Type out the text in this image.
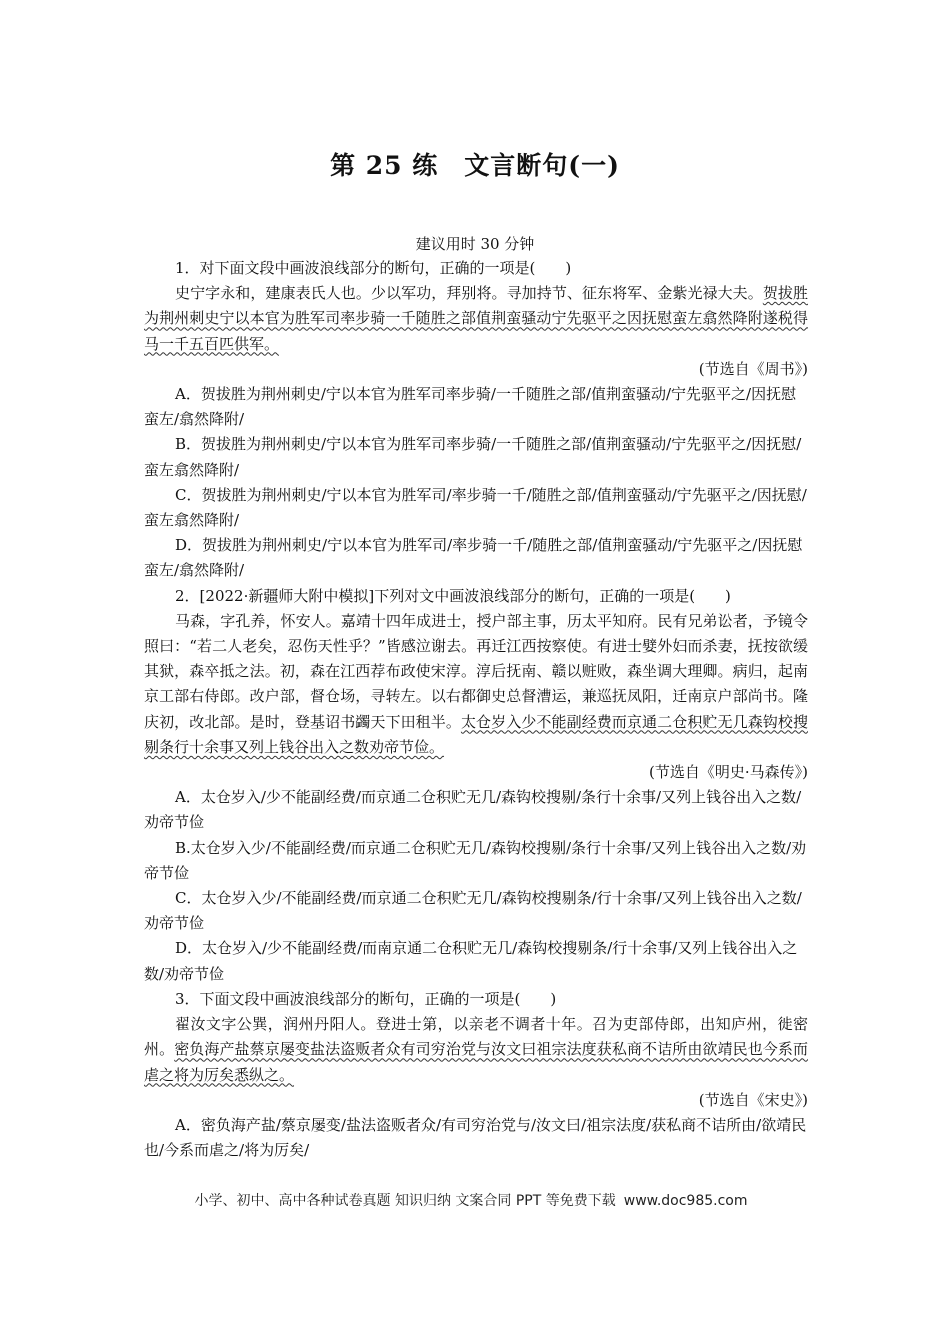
第 25 练　文言断句(一)
建议用时 30 分钟

1．对下面文段中画波浪线部分的断句，正确的一项是(　　)

史宁字永和，建康表氏人也。少以军功，拜别将。寻加持节、征东将军、金紫光禄大夫。贺拔胜为荆州刺史宁以本官为胜军司率步骑一千随胜之部值荆蛮骚动宁先驱平之因抚慰蛮左翕然降附遂税得马一千五百匹供军。

(节选自《周书》)

A．贺拔胜为荆州刺史/宁以本官为胜军司率步骑/一千随胜之部/值荆蛮骚动/宁先驱平之/因抚慰蛮左/翕然降附/

B．贺拔胜为荆州刺史/宁以本官为胜军司率步骑/一千随胜之部/值荆蛮骚动/宁先驱平之/因抚慰/蛮左翕然降附/

C．贺拔胜为荆州刺史/宁以本官为胜军司/率步骑一千/随胜之部/值荆蛮骚动/宁先驱平之/因抚慰/蛮左翕然降附/

D．贺拔胜为荆州刺史/宁以本官为胜军司/率步骑一千/随胜之部/值荆蛮骚动/宁先驱平之/因抚慰蛮左/翕然降附/

2．[2022·新疆师大附中模拟]下列对文中画波浪线部分的断句，正确的一项是(　　)

马森，字孔养，怀安人。嘉靖十四年成进士，授户部主事，历太平知府。民有兄弟讼者，予镜令照曰：“若二人老矣，忍伤天性乎？”皆感泣谢去。再迁江西按察使。有进士嬖外妇而杀妻，抚按欲缓其狱，森卒抵之法。初，森在江西荐布政使宋淳。淳后抚南、赣以赃败，森坐调大理卿。病归，起南京工部右侍郎。改户部，督仓场，寻转左。以右都御史总督漕运，兼巡抚凤阳，迁南京户部尚书。隆庆初，改北部。是时，登基诏书蠲天下田租半。太仓岁入少不能副经费而京通二仓积贮无几森钩校搜剔条行十余事又列上钱谷出入之数劝帝节俭。

(节选自《明史·马森传》)

A．太仓岁入/少不能副经费/而京通二仓积贮无几/森钩校搜剔/条行十余事/又列上钱谷出入之数/劝帝节俭

B.太仓岁入少/不能副经费/而京通二仓积贮无几/森钩校搜剔/条行十余事/又列上钱谷出入之数/劝帝节俭

C．太仓岁入少/不能副经费/而京通二仓积贮无几/森钩校搜剔条/行十余事/又列上钱谷出入之数/劝帝节俭

D．太仓岁入/少不能副经费/而南京通二仓积贮无几/森钩校搜剔条/行十余事/又列上钱谷出入之数/劝帝节俭

3．下面文段中画波浪线部分的断句，正确的一项是(　　)

翟汝文字公巽，润州丹阳人。登进士第，以亲老不调者十年。召为吏部侍郎，出知庐州，徙密州。密负海产盐蔡京屡变盐法盗贩者众有司穷治党与汝文曰祖宗法度获私商不诘所由欲靖民也今系而虐之将为厉矣悉纵之。

(节选自《宋史》)

A．密负海产盐/蔡京屡变/盐法盗贩者众/有司穷治党与/汝文曰/祖宗法度/获私商不诘所由/欲靖民也/今系而虐之/将为厉矣/

小学、初中、高中各种试卷真题 知识归纳 文案合同 PPT 等免费下载 www.doc985.com
